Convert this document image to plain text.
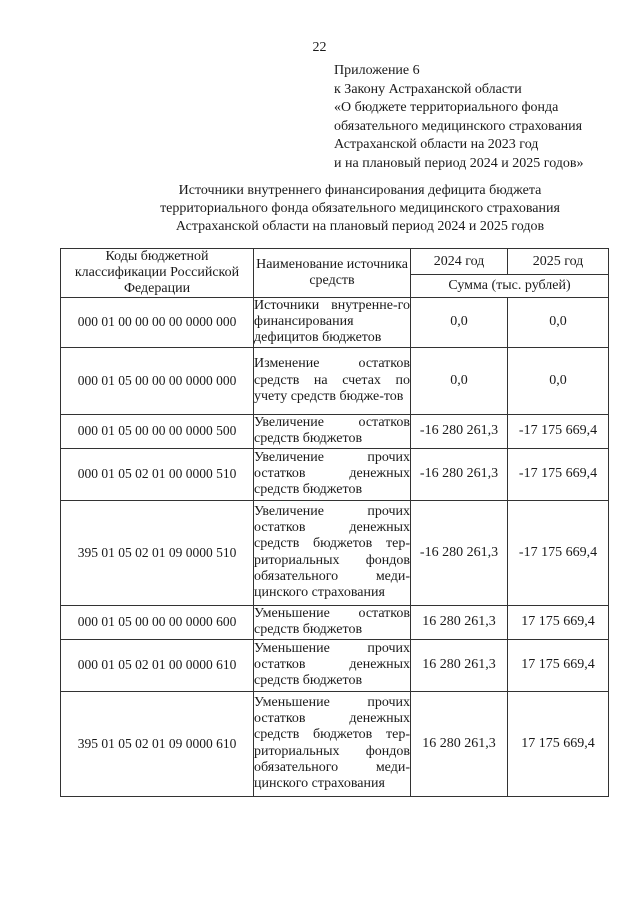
22
Приложение 6
к Закону Астраханской области
«О бюджете территориального фонда
обязательного медицинского страхования
Астраханской области на 2023 год
и на плановый период 2024 и 2025 годов»
Источники внутреннего финансирования дефицита бюджета
территориального фонда обязательного медицинского страхования
Астраханской области на плановый период 2024 и 2025 годов
Коды бюджетной классификации Российской Федерации	Наименование источника средств	2024 год	2025 год
		Сумма (тыс. рублей)	
000 01 00 00 00 00 0000 000	Источники внутренне-го финансирования дефицитов бюджетов	0,0	0,0
000 01 05 00 00 00 0000 000	Изменение остатков средств на счетах по учету средств бюдже-тов	0,0	0,0
000 01 05 00 00 00 0000 500	Увеличение остатков средств бюджетов	-16 280 261,3	-17 175 669,4
000 01 05 02 01 00 0000 510	Увеличение прочих остатков денежных средств бюджетов	-16 280 261,3	-17 175 669,4
395 01 05 02 01 09 0000 510	Увеличение прочих остатков денежных средств бюджетов тер-риториальных фондов обязательного меди-цинского страхования	-16 280 261,3	-17 175 669,4
000 01 05 00 00 00 0000 600	Уменьшение остатков средств бюджетов	16 280 261,3	17 175 669,4
000 01 05 02 01 00 0000 610	Уменьшение прочих остатков денежных средств бюджетов	16 280 261,3	17 175 669,4
395 01 05 02 01 09 0000 610	Уменьшение прочих остатков денежных средств бюджетов тер-риториальных фондов обязательного меди-цинского страхования	16 280 261,3	17 175 669,4
